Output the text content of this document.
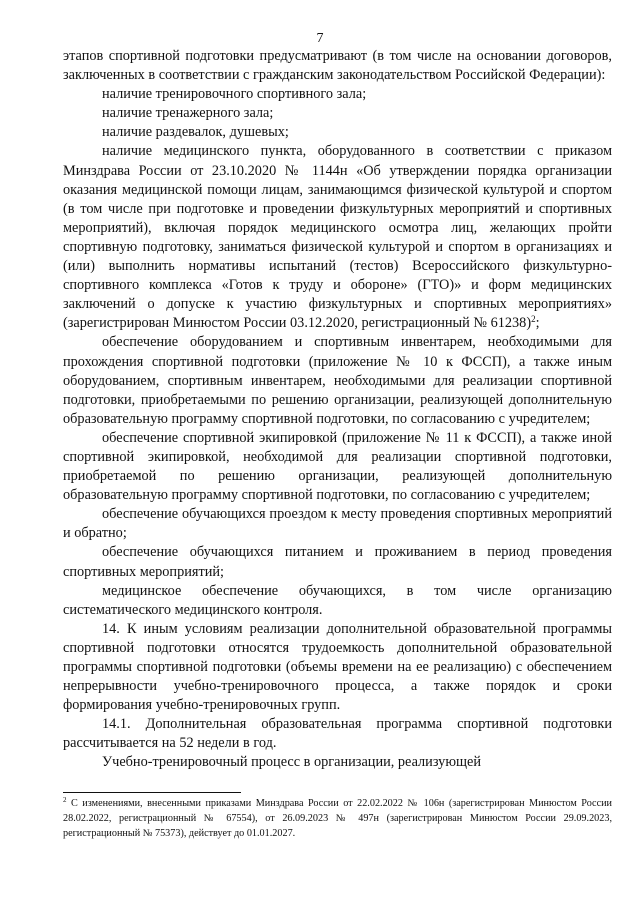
7

этапов спортивной подготовки предусматривают (в том числе на основании договоров, заключенных в соответствии с гражданским законодательством Российской Федерации):

наличие тренировочного спортивного зала;

наличие тренажерного зала;

наличие раздевалок, душевых;

наличие медицинского пункта, оборудованного в соответствии с приказом Минздрава России от 23.10.2020 № 1144н «Об утверждении порядка организации оказания медицинской помощи лицам, занимающимся физической культурой и спортом (в том числе при подготовке и проведении физкультурных мероприятий и спортивных мероприятий), включая порядок медицинского осмотра лиц, желающих пройти спортивную подготовку, заниматься физической культурой и спортом в организациях и (или) выполнить нормативы испытаний (тестов) Всероссийского физкультурно-спортивного комплекса «Готов к труду и обороне» (ГТО)» и форм медицинских заключений о допуске к участию физкультурных и спортивных мероприятиях» (зарегистрирован Минюстом России 03.12.2020, регистрационный № 61238)$^2$;

обеспечение оборудованием и спортивным инвентарем, необходимыми для прохождения спортивной подготовки (приложение № 10 к ФССП), а также иным оборудованием, спортивным инвентарем, необходимыми для реализации спортивной подготовки, приобретаемыми по решению организации, реализующей дополнительную образовательную программу спортивной подготовки, по согласованию с учредителем;

обеспечение спортивной экипировкой (приложение № 11 к ФССП), а также иной спортивной экипировкой, необходимой для реализации спортивной подготовки, приобретаемой по решению организации, реализующей дополнительную образовательную программу спортивной подготовки, по согласованию с учредителем;

обеспечение обучающихся проездом к месту проведения спортивных мероприятий и обратно;

обеспечение обучающихся питанием и проживанием в период проведения спортивных мероприятий;

медицинское обеспечение обучающихся, в том числе организацию систематического медицинского контроля.

14. К иным условиям реализации дополнительной образовательной программы спортивной подготовки относятся трудоемкость дополнительной образовательной программы спортивной подготовки (объемы времени на ее реализацию) с обеспечением непрерывности учебно-тренировочного процесса, а также порядок и сроки формирования учебно-тренировочных групп.

14.1. Дополнительная образовательная программа спортивной подготовки рассчитывается на 52 недели в год.

Учебно-тренировочный процесс в организации, реализующей

$^2$ С изменениями, внесенными приказами Минздрава России от 22.02.2022 № 106н (зарегистрирован Минюстом России 28.02.2022, регистрационный № 67554), от 26.09.2023 № 497н (зарегистрирован Минюстом России 29.09.2023, регистрационный № 75373), действует до 01.01.2027.
